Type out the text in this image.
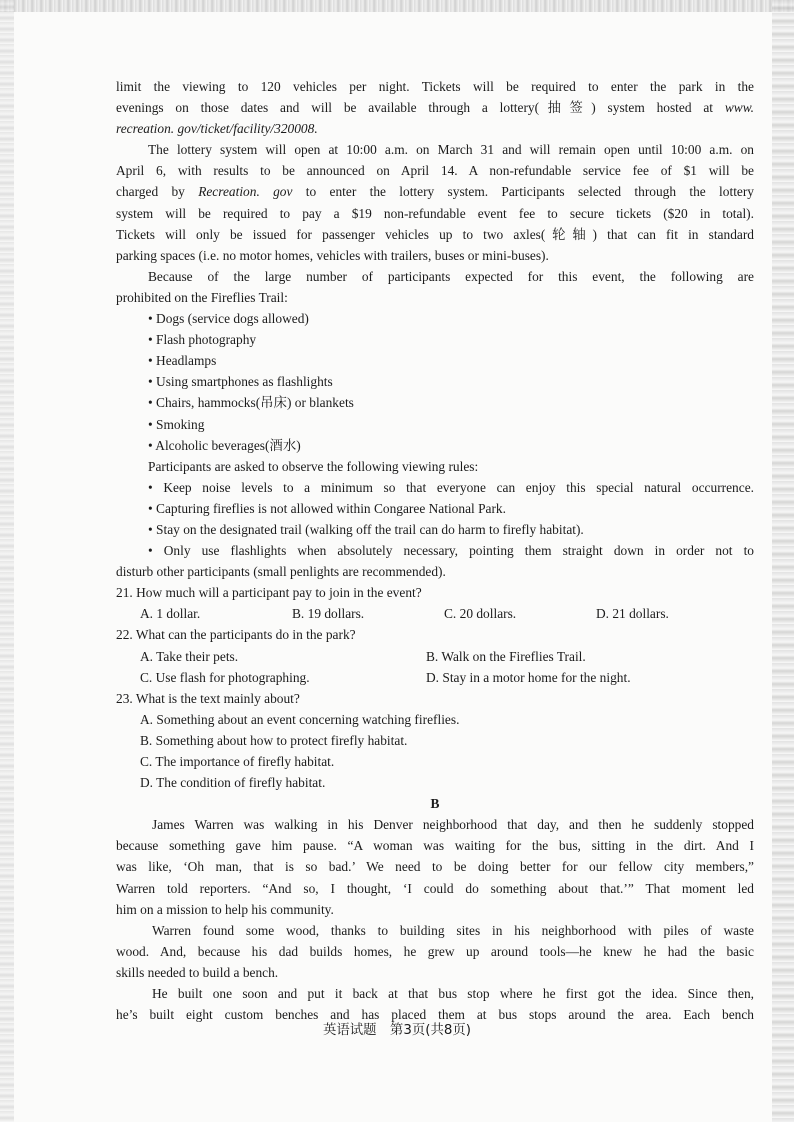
limit the viewing to 120 vehicles per night. Tickets will be required to enter the park in the
evenings on those dates and will be available through a lottery(抽签) system hosted at www.
recreation. gov/ticket/facility/320008.
The lottery system will open at 10:00 a.m. on March 31 and will remain open until 10:00 a.m. on
April 6, with results to be announced on April 14. A non-refundable service fee of $1 will be
charged by Recreation. gov to enter the lottery system. Participants selected through the lottery
system will be required to pay a $19 non-refundable event fee to secure tickets ($20 in total).
Tickets will only be issued for passenger vehicles up to two axles(轮轴) that can fit in standard
parking spaces (i.e. no motor homes, vehicles with trailers, buses or mini-buses).
Because of the large number of participants expected for this event, the following are
prohibited on the Fireflies Trail:
• Dogs (service dogs allowed)
• Flash photography
• Headlamps
• Using smartphones as flashlights
• Chairs, hammocks(吊床) or blankets
• Smoking
• Alcoholic beverages(酒水)
Participants are asked to observe the following viewing rules:
• Keep noise levels to a minimum so that everyone can enjoy this special natural occurrence.
• Capturing fireflies is not allowed within Congaree National Park.
• Stay on the designated trail (walking off the trail can do harm to firefly habitat).
• Only use flashlights when absolutely necessary, pointing them straight down in order not to
disturb other participants (small penlights are recommended).
21. How much will a participant pay to join in the event?
A. 1 dollar.	B. 19 dollars.	C. 20 dollars.	D. 21 dollars.
22. What can the participants do in the park?
A. Take their pets.	B. Walk on the Fireflies Trail.
C. Use flash for photographing.	D. Stay in a motor home for the night.
23. What is the text mainly about?
A. Something about an event concerning watching fireflies.
B. Something about how to protect firefly habitat.
C. The importance of firefly habitat.
D. The condition of firefly habitat.
B
James Warren was walking in his Denver neighborhood that day, and then he suddenly stopped
because something gave him pause. “A woman was waiting for the bus, sitting in the dirt. And I
was like, ‘Oh man, that is so bad.’ We need to be doing better for our fellow city members,”
Warren told reporters. “And so, I thought, ‘I could do something about that.’” That moment led
him on a mission to help his community.
Warren found some wood, thanks to building sites in his neighborhood with piles of waste
wood. And, because his dad builds homes, he grew up around tools—he knew he had the basic
skills needed to build a bench.
He built one soon and put it back at that bus stop where he first got the idea. Since then,
he’s built eight custom benches and has placed them at bus stops around the area. Each bench
英语试题　第3页(共8页)
